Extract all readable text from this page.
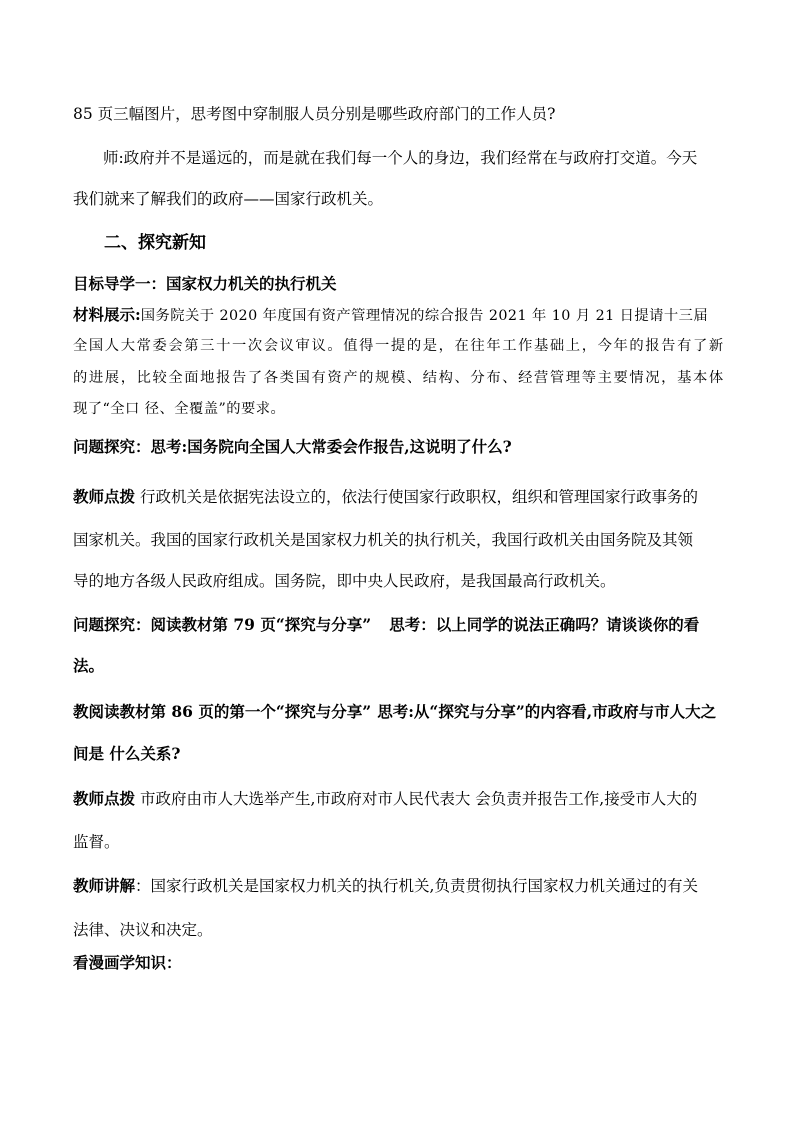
85 页三幅图片，思考图中穿制服人员分别是哪些政府部门的工作人员?
师:政府并不是遥远的，而是就在我们每一个人的身边，我们经常在与政府打交道。今天
我们就来了解我们的政府——国家行政机关。
二、探究新知
目标导学一：国家权力机关的执行机关
材料展示:国务院关于 2020 年度国有资产管理情况的综合报告 2021 年 10 月 21 日提请十三届
全国人大常委会第三十一次会议审议。值得一提的是，在往年工作基础上，今年的报告有了新
的进展，比较全面地报告了各类国有资产的规模、结构、分布、经营管理等主要情况，基本体
现了“全口 径、全覆盖”的要求。
问题探究：思考:国务院向全国人大常委会作报告,这说明了什么?
教师点拨 行政机关是依据宪法设立的，依法行使国家行政职权，组织和管理国家行政事务的
国家机关。我国的国家行政机关是国家权力机关的执行机关，我国行政机关由国务院及其领
导的地方各级人民政府组成。国务院，即中央人民政府，是我国最高行政机关。
问题探究：阅读教材第 79 页“探究与分享” 思考：以上同学的说法正确吗？请谈谈你的看
法。
教阅读教材第 86 页的第一个“探究与分享” 思考:从“探究与分享”的内容看,市政府与市人大之
间是 什么关系?
教师点拨 市政府由市人大选举产生,市政府对市人民代表大 会负责并报告工作,接受市人大的
监督。
教师讲解：国家行政机关是国家权力机关的执行机关,负责贯彻执行国家权力机关通过的有关
法律、决议和决定。
看漫画学知识：
